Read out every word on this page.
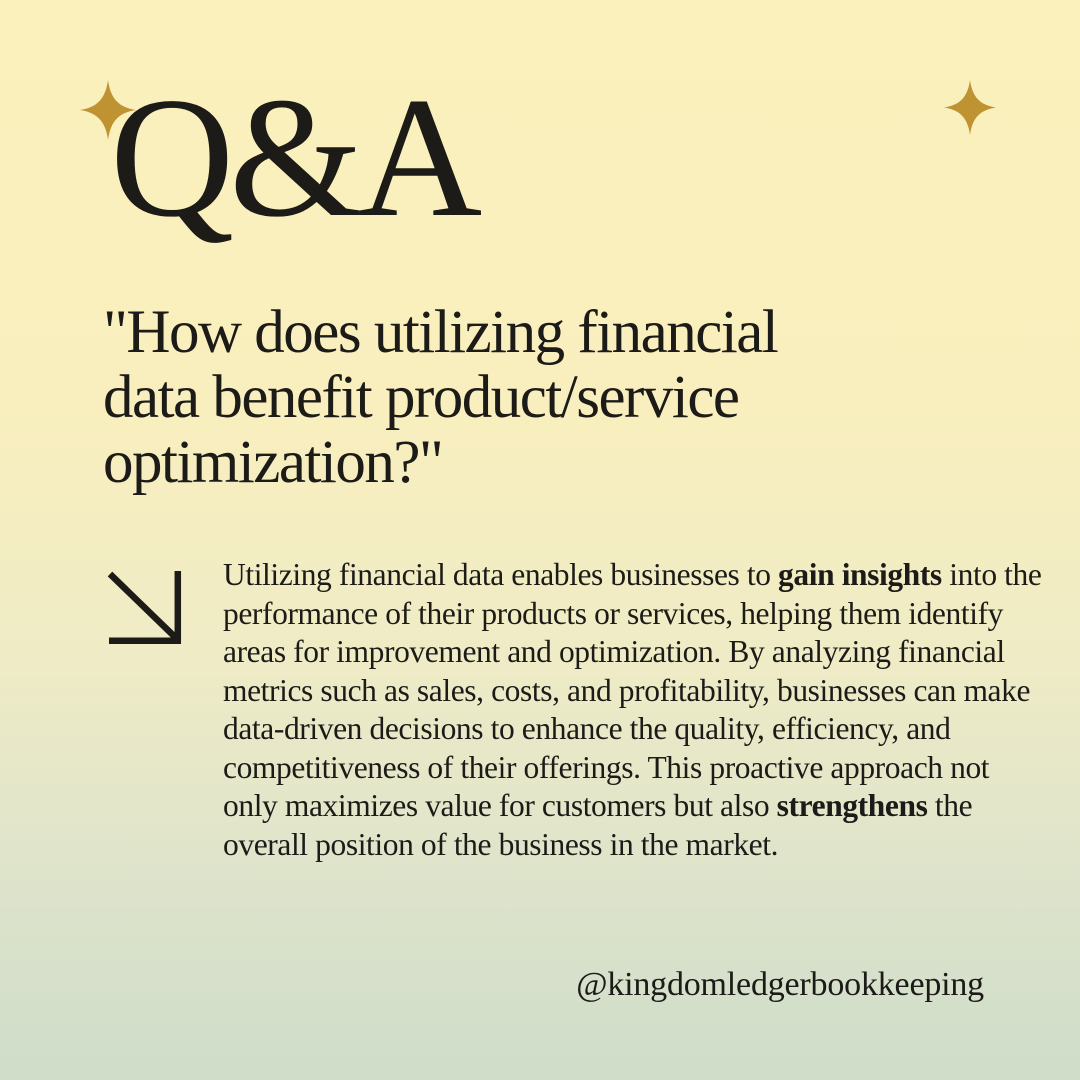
Q&A
"How does utilizing financial
data benefit product/service
optimization?"

Utilizing financial data enables businesses to gain insights into the performance of their products or services, helping them identify areas for improvement and optimization. By analyzing financial metrics such as sales, costs, and profitability, businesses can make data-driven decisions to enhance the quality, efficiency, and competitiveness of their offerings. This proactive approach not only maximizes value for customers but also strengthens the overall position of the business in the market.

@kingdomledgerbookkeeping
